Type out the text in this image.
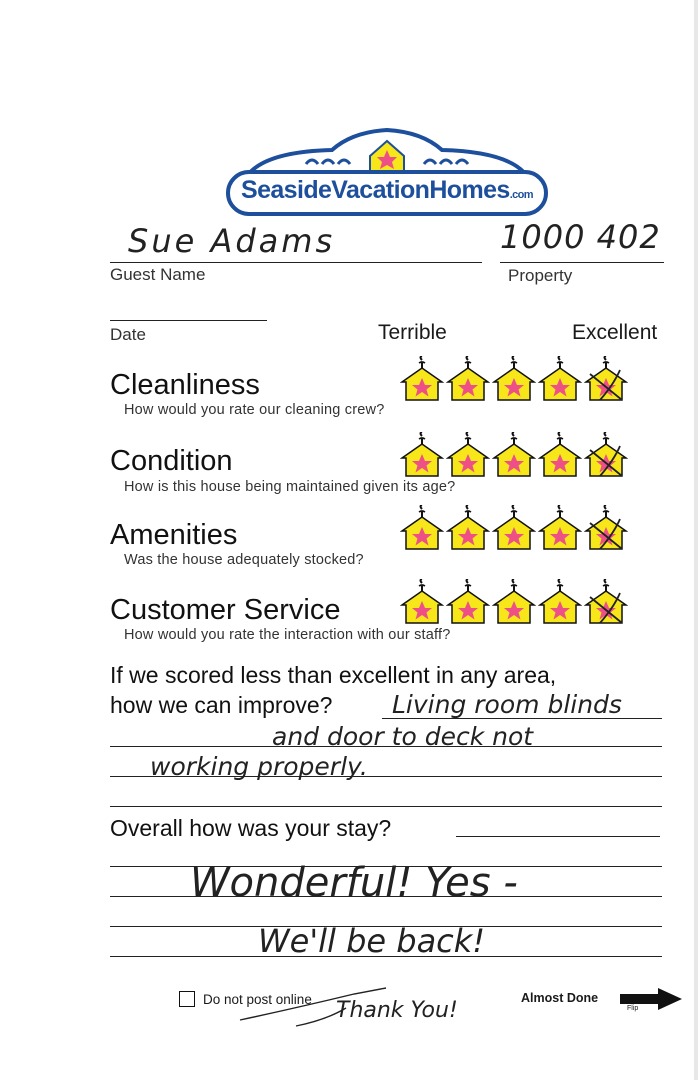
SeasideVacationHomes.com
Sue Adams
Guest Name
1000 402
Property
Date	Terrible	Excellent
Cleanliness
How would you rate our cleaning crew?
Condition
How is this house being maintained given its age?
Amenities
Was the house adequately stocked?
Customer Service
How would you rate the interaction with our staff?
If we scored less than excellent in any area,
how we can improve? Living room blinds
and door to deck not
working properly.
Overall how was your stay?
Wonderful! Yes -
We'll be back!
Do not post online Thank You!	Almost Done
Flip
